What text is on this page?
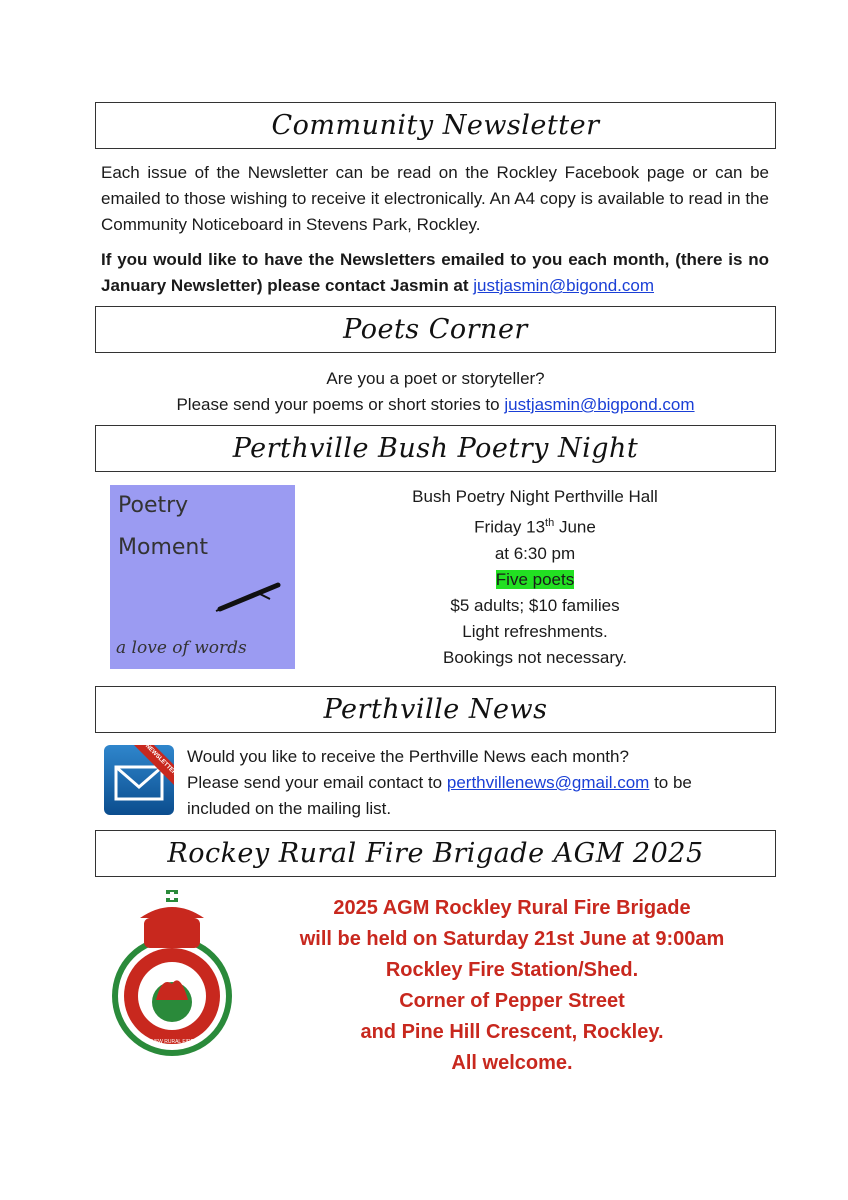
Community Newsletter
Each issue of the Newsletter can be read on the Rockley Facebook page or can be emailed to those wishing to receive it electronically. An A4 copy is available to read in the Community Noticeboard in Stevens Park, Rockley.
If you would like to have the Newsletters emailed to you each month, (there is no January Newsletter) please contact Jasmin at justjasmin@bigond.com
Poets Corner
Are you a poet or storyteller?
Please send your poems or short stories to justjasmin@bigpond.com
Perthville Bush Poetry Night
Poetry
Moment
a love of words
Bush Poetry Night Perthville Hall
Friday 13th June
at 6:30 pm
Five poets
$5 adults; $10 families
Light refreshments.
Bookings not necessary.
Perthville News
NEWSLETTER Would you like to receive the Perthville News each month?
Please send your email contact to perthvillenews@gmail.com to be
included on the mailing list.
Rockey Rural Fire Brigade AGM 2025
NSW RURAL FIRE SERVICE
2025 AGM Rockley Rural Fire Brigade
will be held on Saturday 21st June at 9:00am
Rockley Fire Station/Shed.
Corner of Pepper Street
and Pine Hill Crescent, Rockley.
All welcome.
